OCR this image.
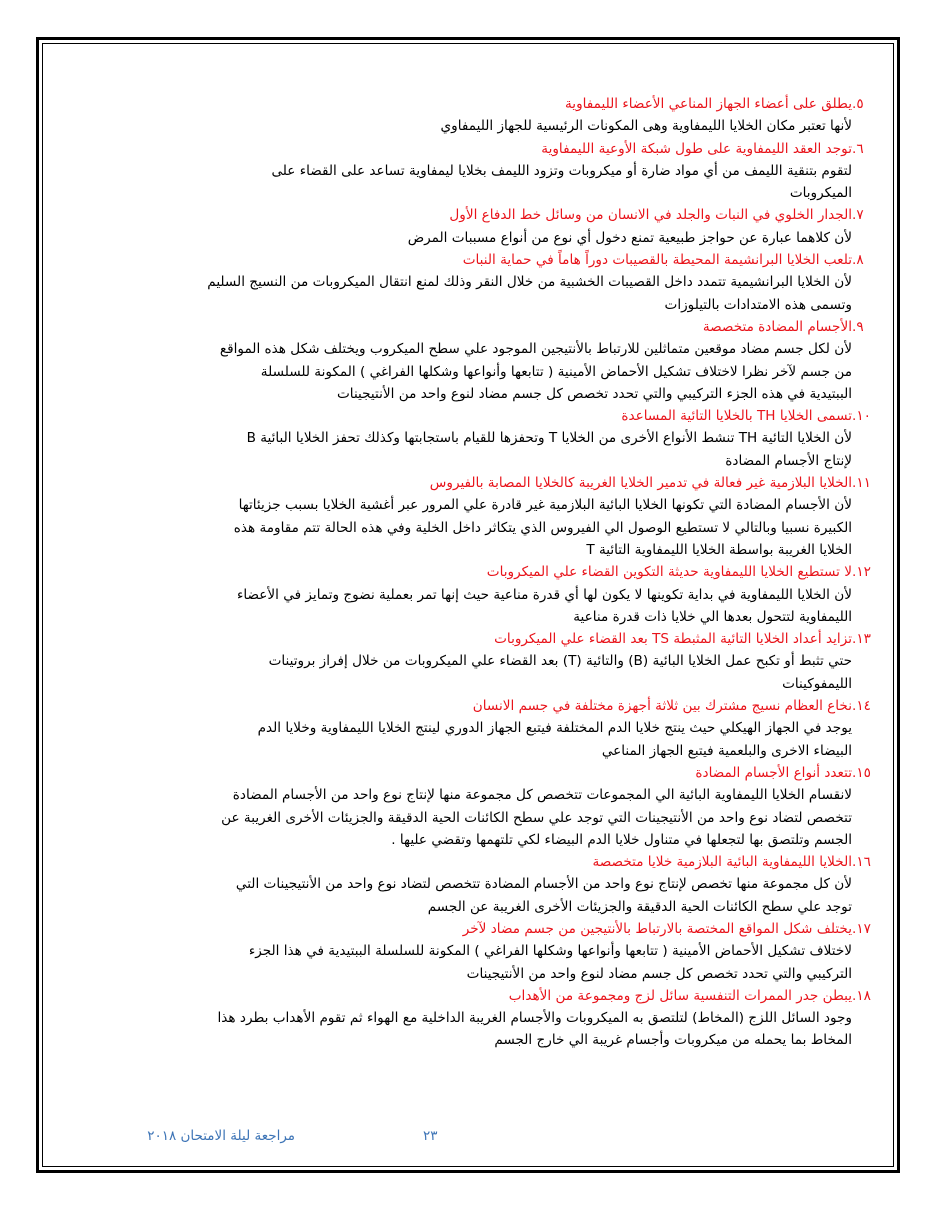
.٥
يطلق على أعضاء الجهاز المناعي الأعضاء الليمفاوية
لأنها تعتبر مكان الخلايا الليمفاوية وهى المكونات الرئيسية للجهاز الليمفاوي
.٦
توجد العقد الليمفاوية على طول شبكة الأوعية الليمفاوية
لتقوم بتنقية الليمف من أي مواد ضارة أو ميكروبات وتزود الليمف بخلايا ليمفاوية تساعد على القضاء على
الميكروبات
.٧
الجدار الخلوي في النبات والجلد في الانسان من وسائل خط الدفاع الأول
لأن كلاهما عبارة عن حواجز طبيعية تمنع دخول أي نوع من أنواع مسببات المرض
.٨
تلعب الخلايا البرانشيمة المحيطة بالقصيبات دوراً هاماً في حماية النبات
لأن الخلايا البرانشيمية تتمدد داخل القصيبات الخشبية من خلال النقر وذلك لمنع انتقال الميكروبات من النسيج السليم
وتسمى هذه الامتدادات بالتيلوزات
.٩
الأجسام المضادة متخصصة
لأن لكل جسم مضاد موقعين متماثلين للارتباط بالأنتيجين الموجود علي سطح الميكروب ويختلف شكل هذه المواقع
من جسم لآخر نظرا لاختلاف تشكيل الأحماض الأمينية ( تتابعها وأنواعها وشكلها الفراغي ) المكونة للسلسلة
الببتيدية في هذه الجزء التركيبي والتي تحدد تخصص كل جسم مضاد لنوع واحد من الأنتيجينات
.١٠
تسمى الخلايا TH بالخلايا التائية المساعدة
لأن الخلايا التائية TH تنشط الأنواع الأخرى من الخلايا T وتحفزها للقيام باستجابتها وكذلك تحفز الخلايا البائية B
لإنتاج الأجسام المضادة
.١١
الخلايا البلازمية غير فعالة في تدمير الخلايا الغريبة كالخلايا المصابة بالفيروس
لأن الأجسام المضادة التي تكونها الخلايا البائية البلازمية غير قادرة علي المرور عبر أغشية الخلايا بسبب جزيئاتها
الكبيرة نسبيا وبالتالي لا تستطيع الوصول الي الفيروس الذي يتكاثر داخل الخلية وفي هذه الحالة تتم مقاومة هذه
الخلايا الغريبة بواسطة الخلايا الليمفاوية التائية T
.١٢
لا تستطيع الخلايا الليمفاوية حديثة التكوين القضاء علي الميكروبات
لأن الخلايا الليمفاوية في بداية تكوينها لا يكون لها أي قدرة مناعية حيث إنها تمر بعملية نضوج وتمايز في الأعضاء
الليمفاوية لتتحول بعدها الي خلايا ذات قدرة مناعية
.١٣
تزايد أعداد الخلايا التائية المثبطة TS بعد القضاء علي الميكروبات
حتي تثبط أو تكبح عمل الخلايا البائية (B) والتائية (T) بعد القضاء علي الميكروبات من خلال إفراز بروتينات
الليمفوكينات
.١٤
نخاع العظام نسيج مشترك بين ثلاثة أجهزة مختلفة في جسم الانسان
يوجد في الجهاز الهيكلي حيث ينتج خلايا الدم المختلفة فيتبع الجهاز الدوري لينتج الخلايا الليمفاوية وخلايا الدم
البيضاء الاخرى والبلعمية فيتبع الجهاز المناعي
.١٥
تتعدد أنواع الأجسام المضادة
لانقسام الخلايا الليمفاوية البائية الي المجموعات تتخصص كل مجموعة منها لإنتاج نوع واحد من الأجسام المضادة
تتخصص لتضاد نوع واحد من الأنتيجينات التي توجد علي سطح الكائنات الحية الدقيقة والجزيئات الأخرى الغريبة عن
الجسم وتلتصق بها لتجعلها في متناول خلايا الدم البيضاء لكي تلتهمها وتقضي عليها .
.١٦
الخلايا الليمفاوية البائية البلازمية خلايا متخصصة
لأن كل مجموعة منها تخصص لإنتاج نوع واحد من الأجسام المضادة تتخصص لتضاد نوع واحد من الأنتيجينات التي
توجد علي سطح الكائنات الحية الدقيقة والجزيئات الأخرى الغريبة عن الجسم
.١٧
يختلف شكل المواقع المختصة بالارتباط بالأنتيجين من جسم مضاد لآخر
لاختلاف تشكيل الأحماض الأمينية ( تتابعها وأنواعها وشكلها الفراغي ) المكونة للسلسلة الببتيدية في هذا الجزء
التركيبي والتي تحدد تخصص كل جسم مضاد لنوع واحد من الأنتيجينات
.١٨
يبطن جدر الممرات التنفسية سائل لزج ومجموعة من الأهداب
وجود السائل اللزج (المخاط) لتلتصق به الميكروبات والأجسام الغريبة الداخلية مع الهواء ثم تقوم الأهداب بطرد هذا
المخاط بما يحمله من ميكروبات وأجسام غريبة الي خارج الجسم
مراجعة ليلة الامتحان ٢٠١٨	٢٣
